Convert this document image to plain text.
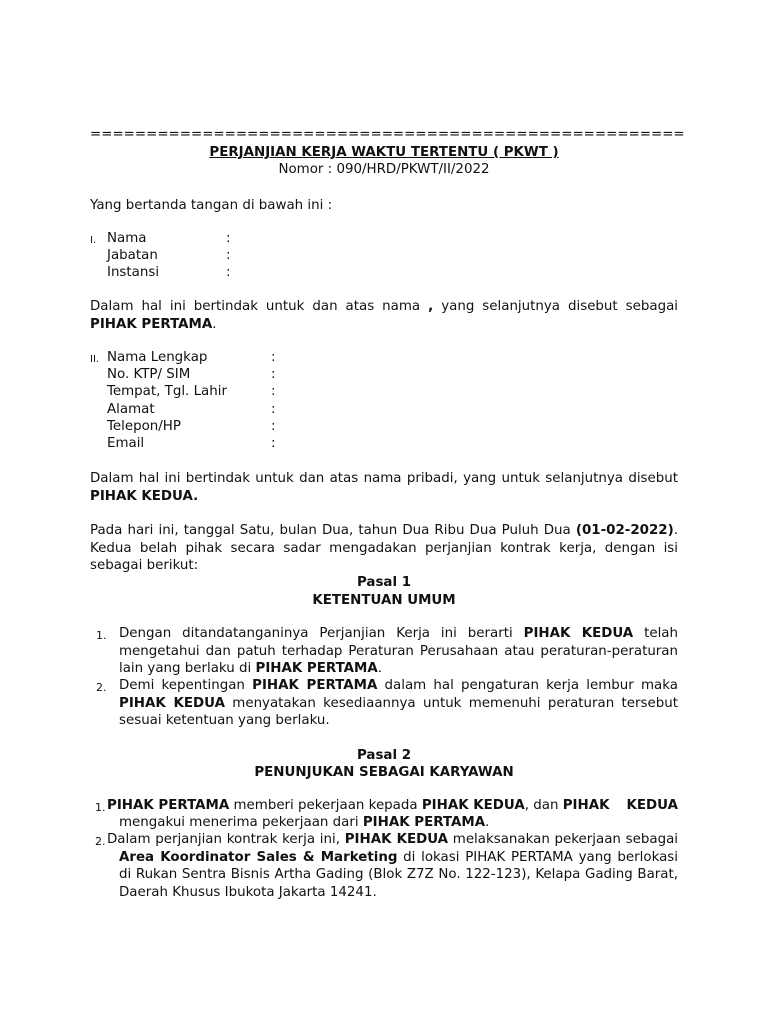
=====================================================
PERJANJIAN KERJA WAKTU TERTENTU ( PKWT )
Nomor : 090/HRD/PKWT/II/2022
Yang bertanda tangan di bawah ini :
I. Nama	:
Jabatan	:
Instansi	:
Dalam hal ini bertindak untuk dan atas nama , yang selanjutnya disebut sebagai PIHAK PERTAMA.
II. Nama Lengkap	:
No. KTP/ SIM	:
Tempat, Tgl. Lahir	:
Alamat	:
Telepon/HP	:
Email	:
Dalam hal ini bertindak untuk dan atas nama pribadi, yang untuk selanjutnya disebut PIHAK KEDUA.
Pada hari ini, tanggal Satu, bulan Dua, tahun Dua Ribu Dua Puluh Dua (01-02-2022). Kedua belah pihak secara sadar mengadakan perjanjian kontrak kerja, dengan isi sebagai berikut:
Pasal 1
KETENTUAN UMUM
1. Dengan ditandatanganinya Perjanjian Kerja ini berarti PIHAK KEDUA telah mengetahui dan patuh terhadap Peraturan Perusahaan atau peraturan-peraturan lain yang berlaku di PIHAK PERTAMA.
2. Demi kepentingan PIHAK PERTAMA dalam hal pengaturan kerja lembur maka PIHAK KEDUA menyatakan kesediaannya untuk memenuhi peraturan tersebut sesuai ketentuan yang berlaku.
Pasal 2
PENUNJUKAN SEBAGAI KARYAWAN
1. PIHAK PERTAMA memberi pekerjaan kepada PIHAK KEDUA, dan PIHAK KEDUA
mengakui menerima pekerjaan dari PIHAK PERTAMA.
2. Dalam perjanjian kontrak kerja ini, PIHAK KEDUA melaksanakan pekerjaan sebagai Area Koordinator Sales & Marketing di lokasi PIHAK PERTAMA yang berlokasi di Rukan Sentra Bisnis Artha Gading (Blok Z7Z No. 122-123), Kelapa Gading Barat, Daerah Khusus Ibukota Jakarta 14241.
